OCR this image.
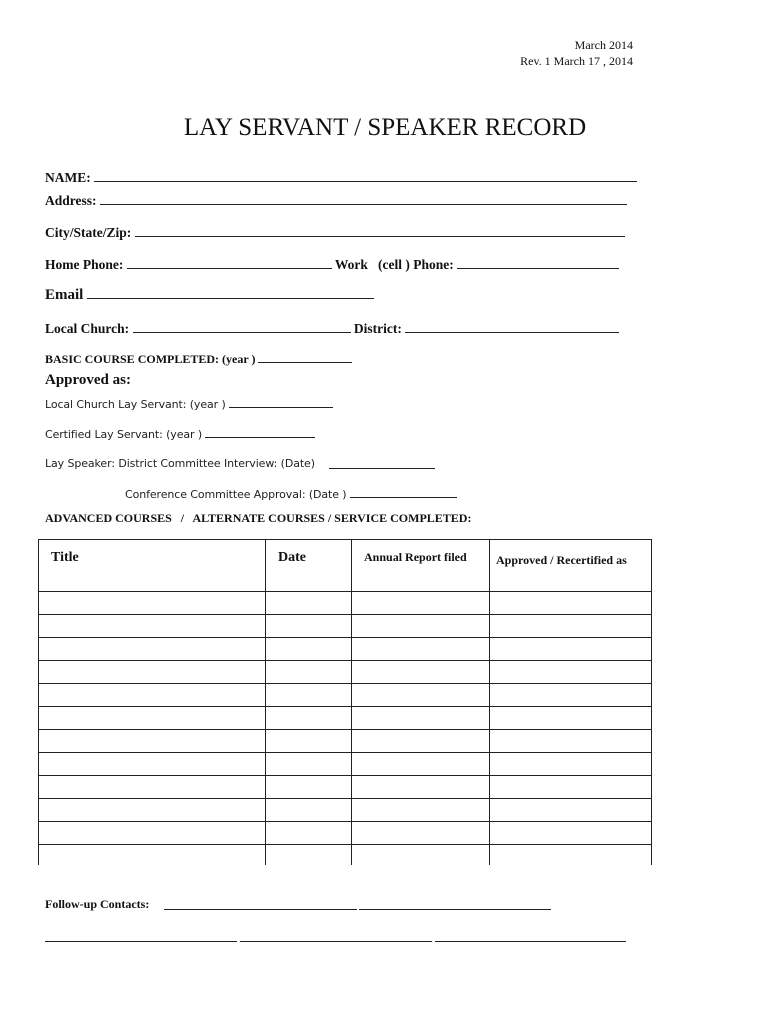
March 2014
Rev. 1 March 17 , 2014
LAY SERVANT / SPEAKER RECORD
NAME:
Address:
City/State/Zip:
Home Phone:	Work   (cell ) Phone:
Email
Local Church:	District:
BASIC COURSE COMPLETED: (year )
Approved as:
Local Church Lay Servant: (year )
Certified Lay Servant: (year )
Lay Speaker: District Committee Interview: (Date)
Conference Committee Approval: (Date )
ADVANCED COURSES   /   ALTERNATE COURSES / SERVICE COMPLETED:
Title	Date	Annual Report filed	Approved / Recertified as

Follow-up Contacts:
